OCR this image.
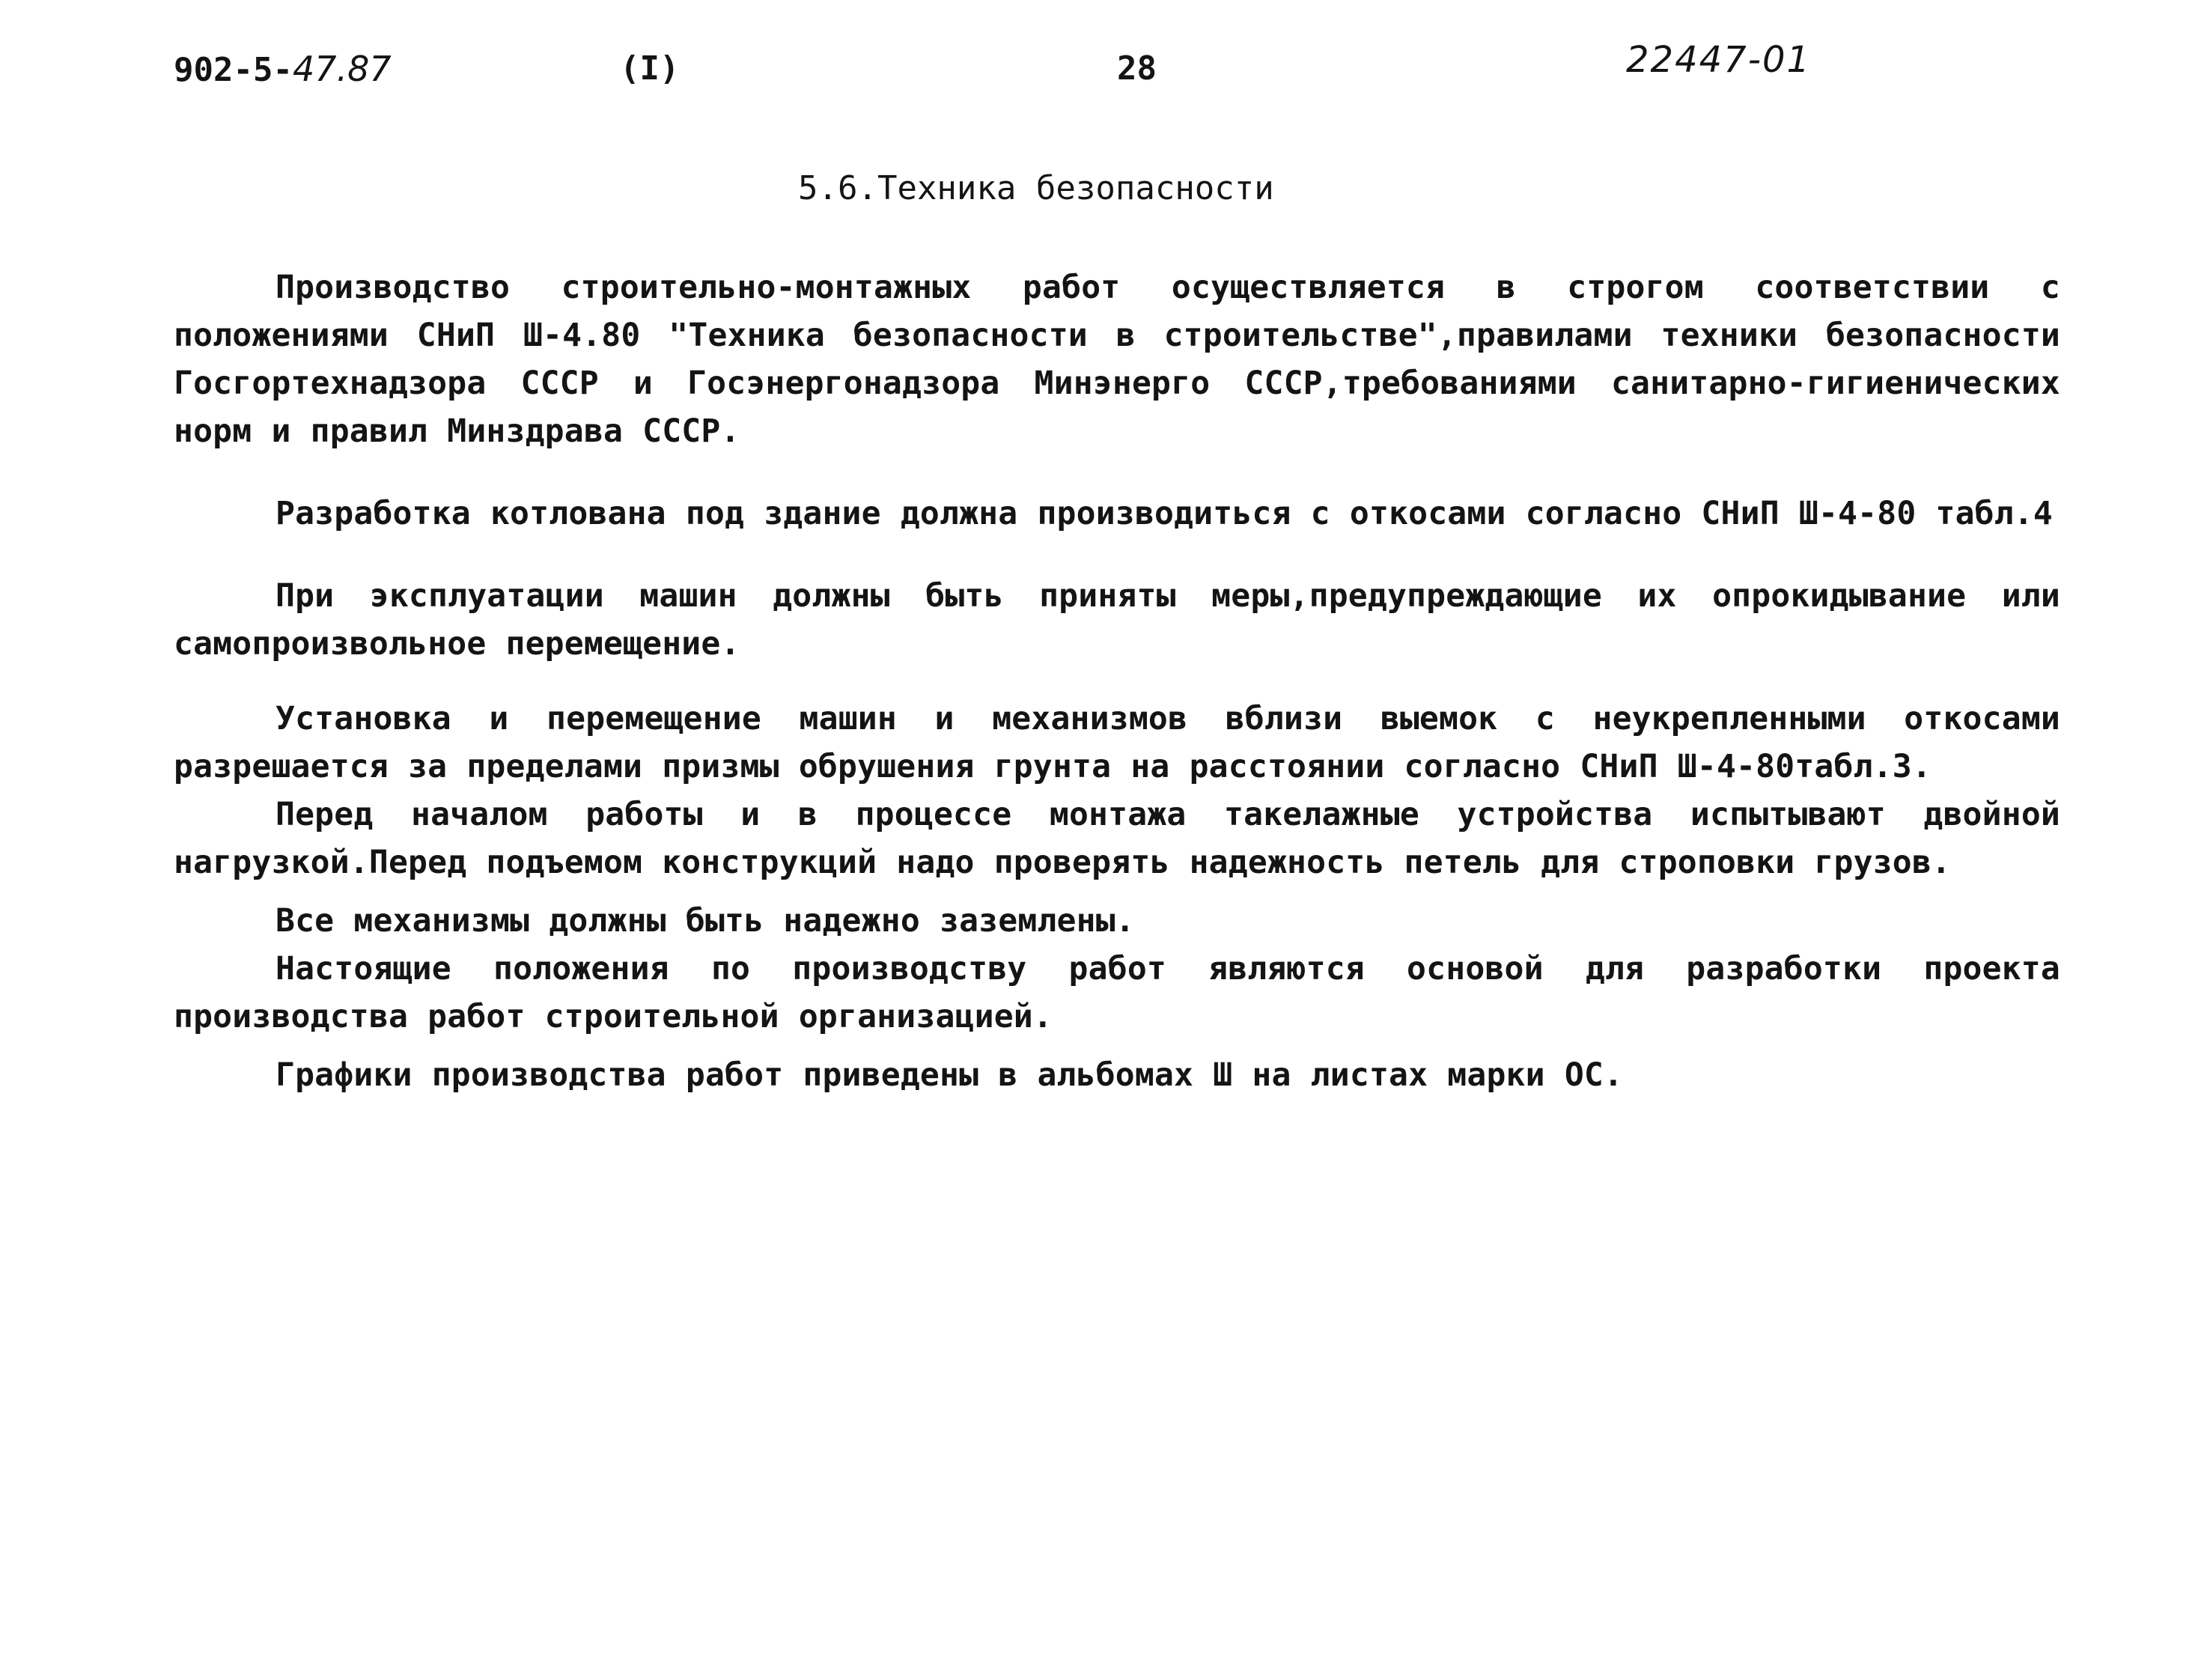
902-5-47.87	(I)	28	22447-01
5.6.Техника безопасности

Производство строительно-монтажных работ осуществляется в строгом соответствии с положениями СНиП Ш-4.80 "Техника безопасности в строительстве",правилами техники безопасности Госгортехнадзора СССР и Госэнергонадзора Минэнерго СССР,требованиями санитарно-гигиенических норм и правил Минздрава СССР.

Разработка котлована под здание должна производиться с откосами согласно СНиП Ш-4-80 табл.4

При эксплуатации машин должны быть приняты меры,предупреждающие их опрокидывание или самопроизвольное перемещение.

Установка и перемещение машин и механизмов вблизи выемок с неукрепленными откосами разрешается за пределами призмы обрушения грунта на расстоянии согласно СНиП Ш-4-80табл.3.

Перед началом работы и в процессе монтажа такелажные устройства испытывают двойной нагрузкой.Перед подъемом конструкций надо проверять надежность петель для строповки грузов.

Все механизмы должны быть надежно заземлены.

Настоящие положения по производству работ являются основой для разработки проекта производства работ строительной организацией.

Графики производства работ приведены в альбомах Ш на листах марки ОС.
